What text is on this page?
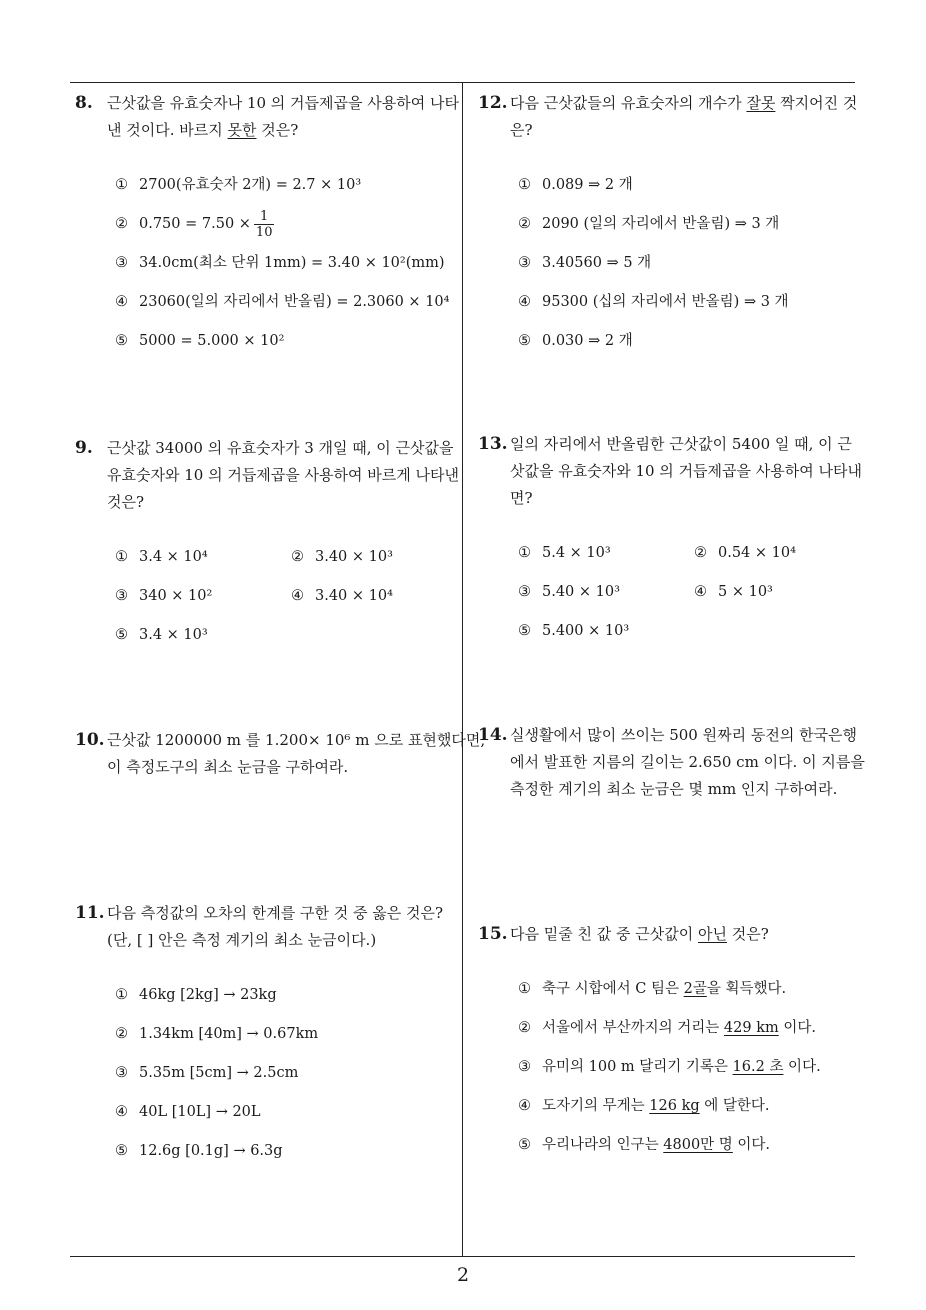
8. 근삿값을 유효숫자나 10 의 거듭제곱을 사용하여 나타
낸 것이다. 바르지 못한 것은?
① 2700(유효숫자 2개) = 2.7 × 10³
② $0.750 = 7.50 \times \frac{1}{10}$
③ 34.0cm(최소 단위 1mm) = 3.40 × 10²(mm)
④ 23060(일의 자리에서 반올림) = 2.3060 × 10⁴
⑤ 5000 = 5.000 × 10²
9. 근삿값 34000 의 유효숫자가 3 개일 때, 이 근삿값을
유효숫자와 10 의 거듭제곱을 사용하여 바르게 나타낸
것은?
① 3.4 × 10⁴	② 3.40 × 10³
③ 340 × 10²	④ 3.40 × 10⁴
⑤ 3.4 × 10³
10. 근삿값 1200000 m 를 1.200× 10⁶ m 으로 표현했다면,
이 측정도구의 최소 눈금을 구하여라.
11. 다음 측정값의 오차의 한계를 구한 것 중 옳은 것은?
(단, [ ] 안은 측정 계기의 최소 눈금이다.)
① 46kg [2kg] → 23kg
② 1.34km [40m] → 0.67km
③ 5.35m [5cm] → 2.5cm
④ 40L [10L] → 20L
⑤ 12.6g [0.1g] → 6.3g
12. 다음 근삿값들의 유효숫자의 개수가 잘못 짝지어진 것
은?
① 0.089 ⇒ 2 개
② 2090 (일의 자리에서 반올림) ⇒ 3 개
③ 3.40560 ⇒ 5 개
④ 95300 (십의 자리에서 반올림) ⇒ 3 개
⑤ 0.030 ⇒ 2 개
13. 일의 자리에서 반올림한 근삿값이 5400 일 때, 이 근
삿값을 유효숫자와 10 의 거듭제곱을 사용하여 나타내
면?
① 5.4 × 10³	② 0.54 × 10⁴
③ 5.40 × 10³	④ 5 × 10³
⑤ 5.400 × 10³
14. 실생활에서 많이 쓰이는 500 원짜리 동전의 한국은행
에서 발표한 지름의 길이는 2.650 cm 이다. 이 지름을
측정한 계기의 최소 눈금은 몇 mm 인지 구하여라.
15. 다음 밑줄 친 값 중 근삿값이 아닌 것은?
① 축구 시합에서 C 팀은 2골을 획득했다.
② 서울에서 부산까지의 거리는 429 km 이다.
③ 유미의 100 m 달리기 기록은 16.2 초 이다.
④ 도자기의 무게는 126 kg 에 달한다.
⑤ 우리나라의 인구는 4800만 명 이다.
2
